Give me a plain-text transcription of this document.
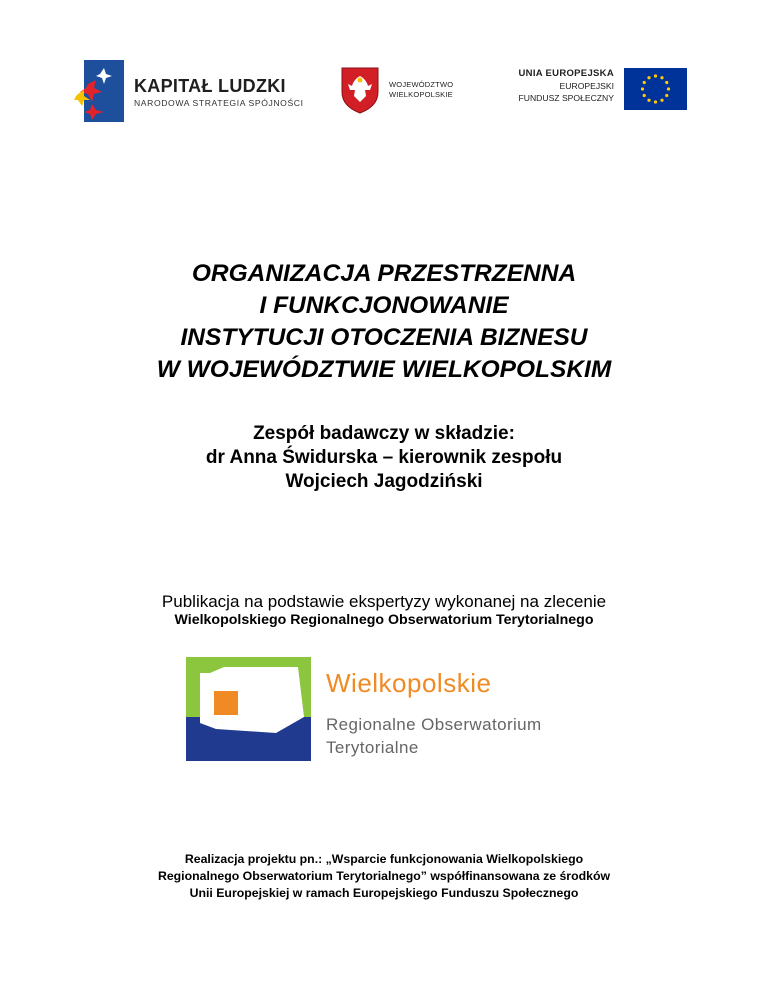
KAPITAŁ LUDZKI
NARODOWA STRATEGIA SPÓJNOŚCI
WOJEWÓDZTWO
WIELKOPOLSKIE
UNIA EUROPEJSKA
EUROPEJSKI
FUNDUSZ SPOŁECZNY
ORGANIZACJA PRZESTRZENNA
I FUNKCJONOWANIE
INSTYTUCJI OTOCZENIA BIZNESU
W WOJEWÓDZTWIE WIELKOPOLSKIM
Zespół badawczy w składzie:
dr Anna Świdurska – kierownik zespołu
Wojciech Jagodziński
Publikacja na podstawie ekspertyzy wykonanej na zlecenie
Wielkopolskiego Regionalnego Obserwatorium Terytorialnego
Wielkopolskie
Regionalne Obserwatorium
Terytorialne
Realizacja projektu pn.: „Wsparcie funkcjonowania Wielkopolskiego
Regionalnego Obserwatorium Terytorialnego” współfinansowana ze środków
Unii Europejskiej w ramach Europejskiego Funduszu Społecznego
